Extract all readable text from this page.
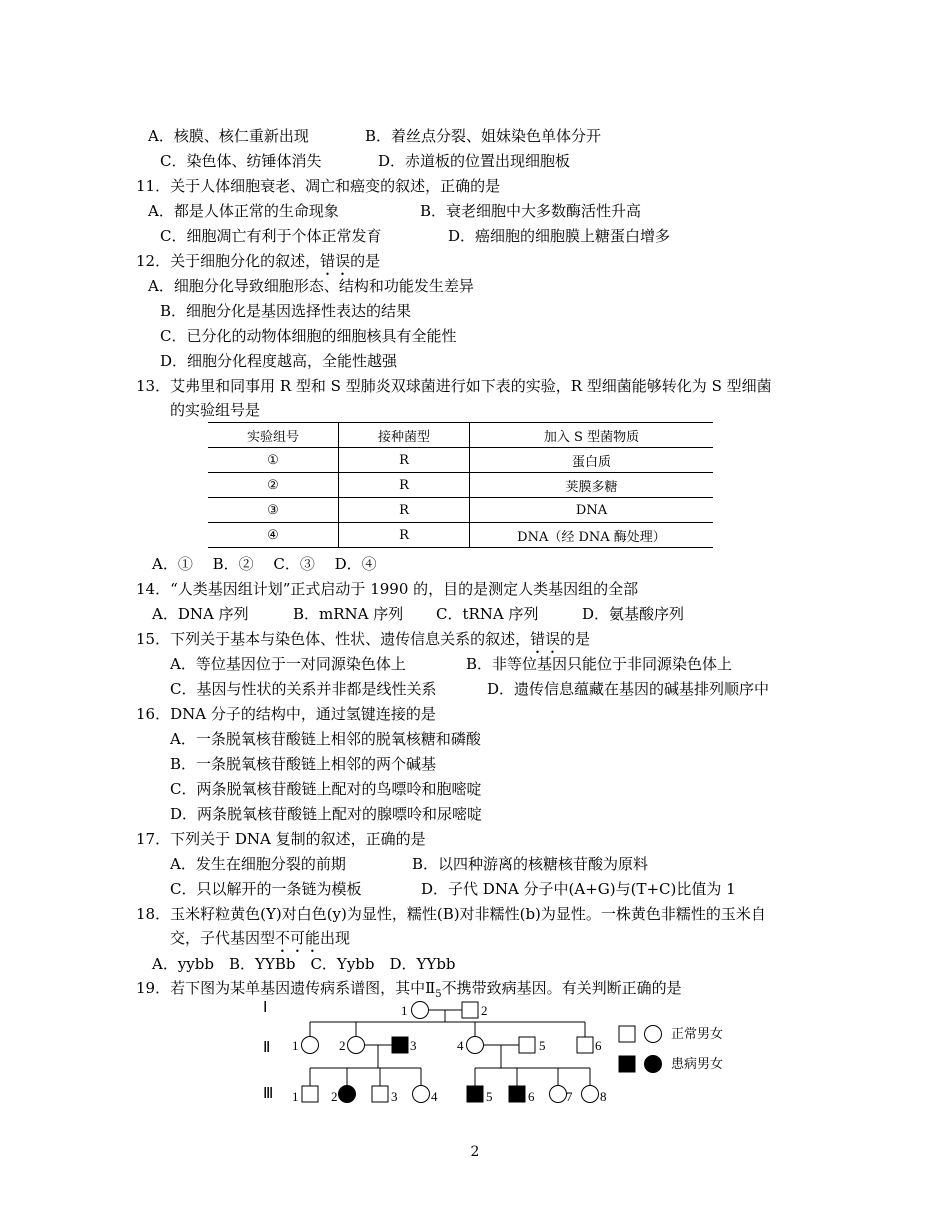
A．核膜、核仁重新出现	B．着丝点分裂、姐妹染色单体分开
C．染色体、纺锤体消失	D．赤道板的位置出现细胞板
11．关于人体细胞衰老、凋亡和癌变的叙述，正确的是
A．都是人体正常的生命现象	B．衰老细胞中大多数酶活性升高
C．细胞凋亡有利于个体正常发育	D．癌细胞的细胞膜上糖蛋白增多
12．关于细胞分化的叙述，错误的是
A．细胞分化导致细胞形态、结构和功能发生差异
B．细胞分化是基因选择性表达的结果
C．已分化的动物体细胞的细胞核具有全能性
D．细胞分化程度越高，全能性越强
13．艾弗里和同事用 R 型和 S 型肺炎双球菌进行如下表的实验，R 型细菌能够转化为 S 型细菌
的实验组号是
实验组号	接种菌型	加入 S 型菌物质
①	R	蛋白质
②	R	荚膜多糖
③	R	DNA
④	R	DNA（经 DNA 酶处理）
A．①　 B．②　 C．③　 D．④
14．“人类基因组计划”正式启动于 1990 的，目的是测定人类基因组的全部
A．DNA 序列	B．mRNA 序列 C．tRNA 序列	D．氨基酸序列
15．下列关于基本与染色体、性状、遗传信息关系的叙述，错误的是
A．等位基因位于一对同源染色体上	B．非等位基因只能位于非同源染色体上
C．基因与性状的关系并非都是线性关系	D．遗传信息蕴藏在基因的碱基排列顺序中
16．DNA 分子的结构中，通过氢键连接的是
A．一条脱氧核苷酸链上相邻的脱氧核糖和磷酸
B．一条脱氧核苷酸链上相邻的两个碱基
C．两条脱氧核苷酸链上配对的鸟嘌呤和胞嘧啶
D．两条脱氧核苷酸链上配对的腺嘌呤和尿嘧啶
17．下列关于 DNA 复制的叙述，正确的是
A．发生在细胞分裂的前期	B．以四种游离的核糖核苷酸为原料
C．只以解开的一条链为模板	D．子代 DNA 分子中(A+G)与(T+C)比值为 1
18．玉米籽粒黄色(Y)对白色(y)为显性，糯性(B)对非糯性(b)为显性。一株黄色非糯性的玉米自
交，子代基因型不可能出现
A．yybb　B．YYBb　C．Yybb　D．YYbb
19．若下图为某单基因遗传病系谱图，其中$Ⅱ_5$不携带致病基因。有关判断正确的是
Ⅰ
Ⅱ
Ⅲ
1	2
1	2	3	4	5	6
1	2	3	4	5	6 7 8
正常男女
患病男女
2
